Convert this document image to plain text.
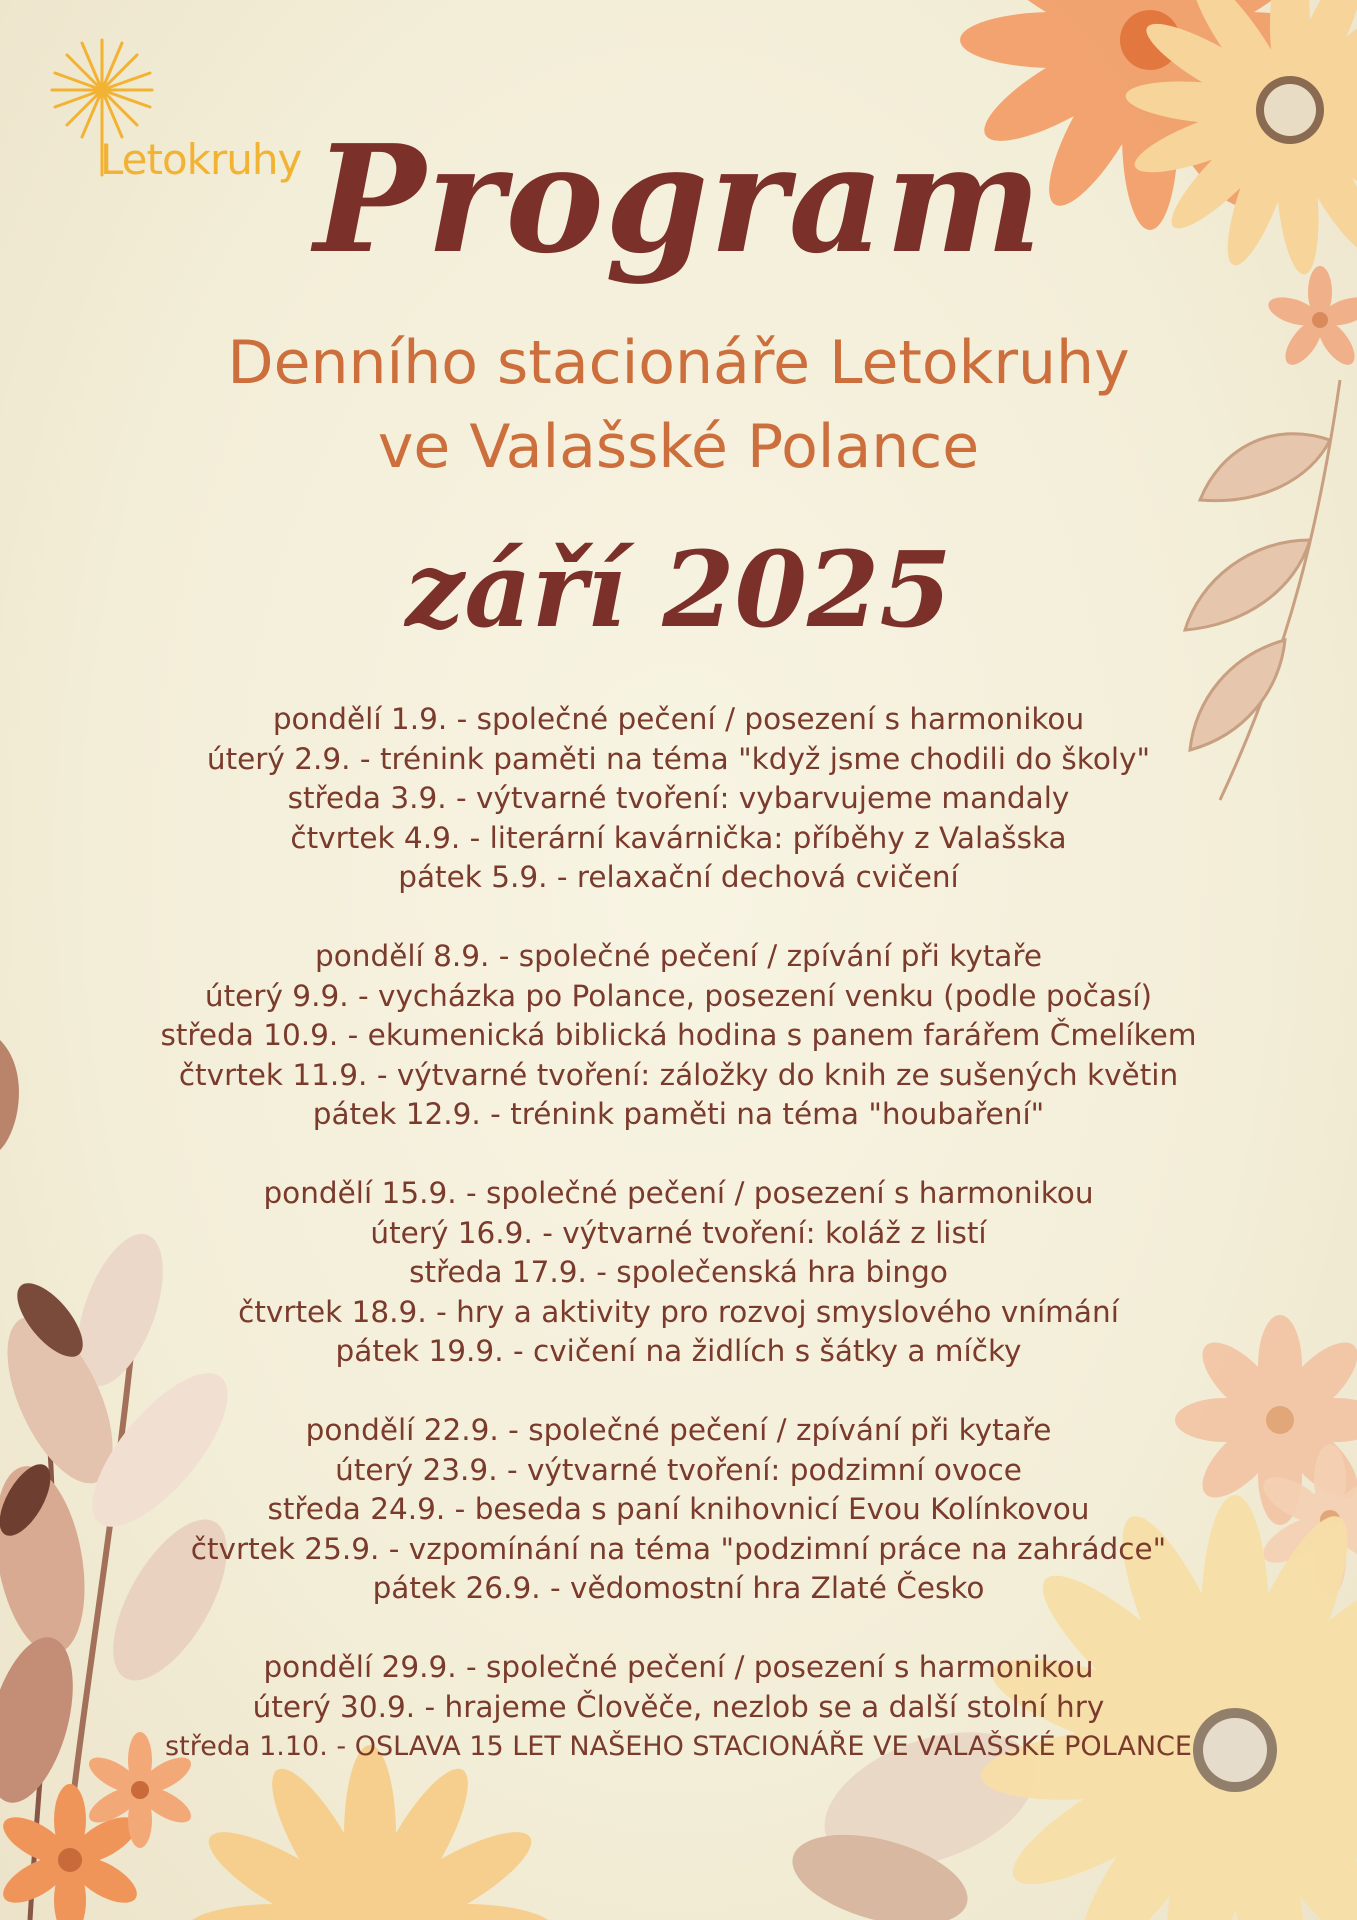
Letokruhy Program
Denního stacionáře Letokruhy
ve Valašské Polance
září 2025
pondělí 1.9. - společné pečení / posezení s harmonikou
úterý 2.9. - trénink paměti na téma "když jsme chodili do školy"
středa 3.9. - výtvarné tvoření: vybarvujeme mandaly
čtvrtek 4.9. - literární kavárnička: příběhy z Valašska
pátek 5.9. - relaxační dechová cvičení
pondělí 8.9. - společné pečení / zpívání při kytaře
úterý 9.9. - vycházka po Polance, posezení venku (podle počasí)
středa 10.9. - ekumenická biblická hodina s panem farářem Čmelíkem
čtvrtek 11.9. - výtvarné tvoření: záložky do knih ze sušených květin
pátek 12.9. - trénink paměti na téma "houbaření"
pondělí 15.9. - společné pečení / posezení s harmonikou
úterý 16.9. - výtvarné tvoření: koláž z listí
středa 17.9. - společenská hra bingo
čtvrtek 18.9. - hry a aktivity pro rozvoj smyslového vnímání
pátek 19.9. - cvičení na židlích s šátky a míčky
pondělí 22.9. - společné pečení / zpívání při kytaře
úterý 23.9. - výtvarné tvoření: podzimní ovoce
středa 24.9. - beseda s paní knihovnicí Evou Kolínkovou
čtvrtek 25.9. - vzpomínání na téma "podzimní práce na zahrádce"
pátek 26.9. - vědomostní hra Zlaté Česko
pondělí 29.9. - společné pečení / posezení s harmonikou
úterý 30.9. - hrajeme Člověče, nezlob se a další stolní hry
středa 1.10. - OSLAVA 15 LET NAŠEHO STACIONÁŘE VE VALAŠSKÉ POLANCE
